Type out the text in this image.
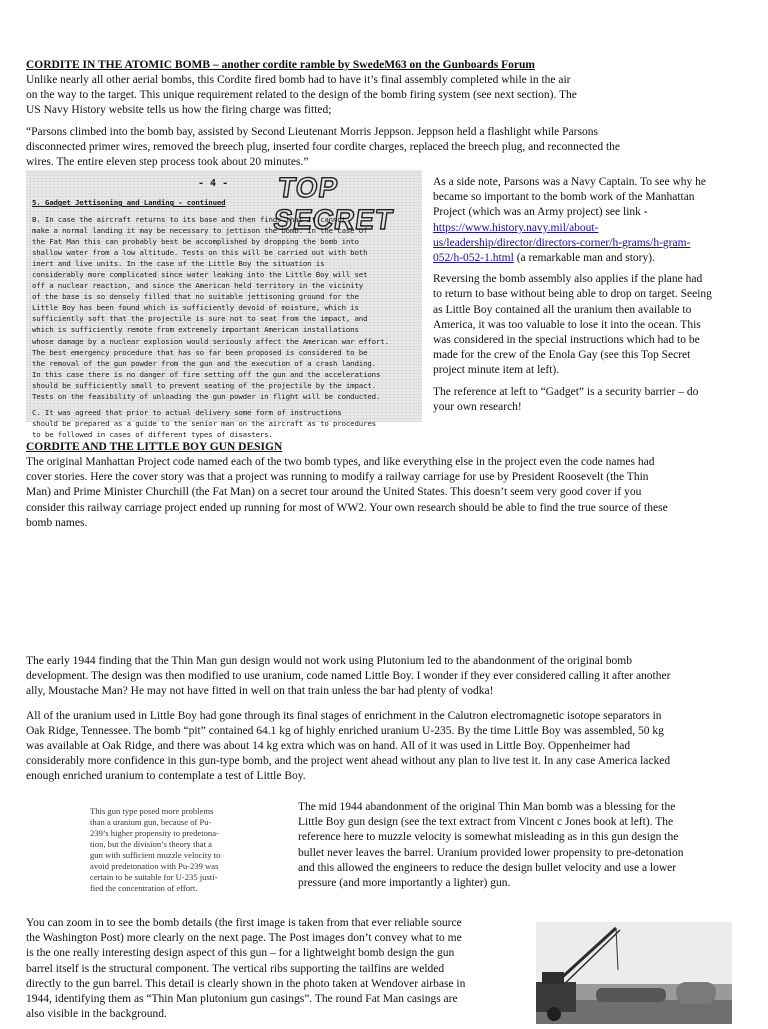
CORDITE IN THE ATOMIC BOMB – another cordite ramble by SwedeM63 on the Gunboards Forum

Unlike nearly all other aerial bombs, this Cordite fired bomb had to have it’s final assembly completed while in the air

on the way to the target. This unique requirement related to the design of the bomb firing system (see next section). The

US Navy History website tells us how the firing charge was fitted;

“Parsons climbed into the bomb bay, assisted by Second Lieutenant Morris Jeppson. Jeppson held a flashlight while Parsons

disconnected primer wires, removed the breech plug, inserted four cordite charges, replaced the breech plug, and reconnected the

wires. The entire eleven step process took about 20 minutes.”

- 4 - TOP SECRET
5. Gadget Jettisoning and Landing - continued
B. In case the aircraft returns to its base and then finds that it cannot
make a normal landing it may be necessary to jettison the bomb. In the case of
the Fat Man this can probably best be accomplished by dropping the bomb into
shallow water from a low altitude. Tests on this will be carried out with both
inert and live units. In the case of the Little Boy the situation is
considerably more complicated since water leaking into the Little Boy will set
off a nuclear reaction, and since the American held territory in the vicinity
of the base is so densely filled that no suitable jettisoning ground for the
Little Boy has been found which is sufficiently devoid of moisture, which is
sufficiently soft that the projectile is sure not to seat from the impact, and
which is sufficiently remote from extremely important American installations
whose damage by a nuclear explosion would seriously affect the American war effort.
The best emergency procedure that has so far been proposed is considered to be
the removal of the gun powder from the gun and the execution of a crash landing.
In this case there is no danger of fire setting off the gun and the accelerations
should be sufficiently small to prevent seating of the projectile by the impact.
Tests on the feasibility of unloading the gun powder in flight will be conducted.
C. It was agreed that prior to actual delivery some form of instructions
should be prepared as a guide to the senior man on the aircraft as to procedures
to be followed in cases of different types of disasters.

As a side note, Parsons was a Navy Captain. To see why he

became so important to the bomb work of the Manhattan

Project (which was an Army project) see link -

https://www.history.navy.mil/about-

us/leadership/director/directors-corner/h-grams/h-gram-

052/h-052-1.html (a remarkable man and story).

Reversing the bomb assembly also applies if the plane had

to return to base without being able to drop on target. Seeing

as Little Boy contained all the uranium then available to

America, it was too valuable to lose it into the ocean. This

was considered in the special instructions which had to be

made for the crew of the Enola Gay (see this Top Secret

project minute item at left).

The reference at left to “Gadget” is a security barrier – do

your own research!

CORDITE AND THE LITTLE BOY GUN DESIGN

The original Manhattan Project code named each of the two bomb types, and like everything else in the project even the code names had

cover stories. Here the cover story was that a project was running to modify a railway carriage for use by President Roosevelt (the Thin

Man) and Prime Minister Churchill (the Fat Man) on a secret tour around the United States. This doesn’t seem very good cover if you

consider this railway carriage project ended up running for most of WW2. Your own research should be able to find the true source of these

bomb names.

The early 1944 finding that the Thin Man gun design would not work using Plutonium led to the abandonment of the original bomb

development. The design was then modified to use uranium, code named Little Boy. I wonder if they ever considered calling it after another

ally, Moustache Man? He may not have fitted in well on that train unless the bar had plenty of vodka!

All of the uranium used in Little Boy had gone through its final stages of enrichment in the Calutron electromagnetic isotope separators in

Oak Ridge, Tennessee. The bomb “pit” contained 64.1 kg of highly enriched uranium U-235. By the time Little Boy was assembled, 50 kg

was available at Oak Ridge, and there was about 14 kg extra which was on hand. All of it was used in Little Boy. Oppenheimer had

considerably more confidence in this gun-type bomb, and the project went ahead without any plan to live test it. In any case America lacked

enough enriched uranium to contemplate a test of Little Boy.

This gun type posed more problems

than a uranium gun, because of Pu-

239’s higher propensity to predetona-

tion, but the division’s theory that a

gun with sufficient muzzle velocity to

avoid predetonation with Pu-239 was

certain to be suitable for U-235 justi-

fied the concentration of effort.

The mid 1944 abandonment of the original Thin Man bomb was a blessing for the

Little Boy gun design (see the text extract from Vincent c Jones book at left). The

reference here to muzzle velocity is somewhat misleading as in this gun design the

bullet never leaves the barrel. Uranium provided lower propensity to pre-detonation

and this allowed the engineers to reduce the design bullet velocity and use a lower

pressure (and more importantly a lighter) gun.

You can zoom in to see the bomb details (the first image is taken from that ever reliable source

the Washington Post) more clearly on the next page. The Post images don’t convey what to me

is the one really interesting design aspect of this gun – for a lightweight bomb design the gun

barrel itself is the structural component. The vertical ribs supporting the tailfins are welded

directly to the gun barrel. This detail is clearly shown in the photo taken at Wendover airbase in

1944, identifying them as “Thin Man plutonium gun casings”. The round Fat Man casings are

also visible in the background.
